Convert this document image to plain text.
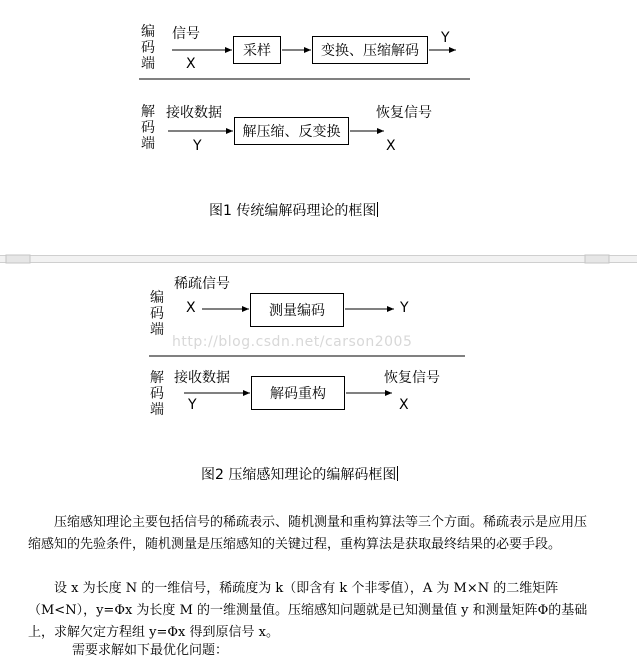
编
码
端
信号
X
采样	变换、压缩解码
Y
解
码
端
接收数据
Y
解压缩、反变换
恢复信号
X
图1 传统编解码理论的框图
编
码
端
稀疏信号
X	测量编码	Y
http://blog.csdn.net/carson2005
解
码
端
接收数据
Y
解码重构
恢复信号
X
图2 压缩感知理论的编解码框图
压缩感知理论主要包括信号的稀疏表示、随机测量和重构算法等三个方面。稀疏表示是应用压缩感知的先验条件，随机测量是压缩感知的关键过程，重构算法是获取最终结果的必要手段。
设 x 为长度 N 的一维信号，稀疏度为 k（即含有 k 个非零值），A 为 M×N 的二维矩阵（M<N），y=Φx 为长度 M 的一维测量值。压缩感知问题就是已知测量值 y 和测量矩阵Φ的基础上，求解欠定方程组 y=Φx 得到原信号 x。
需要求解如下最优化问题：
